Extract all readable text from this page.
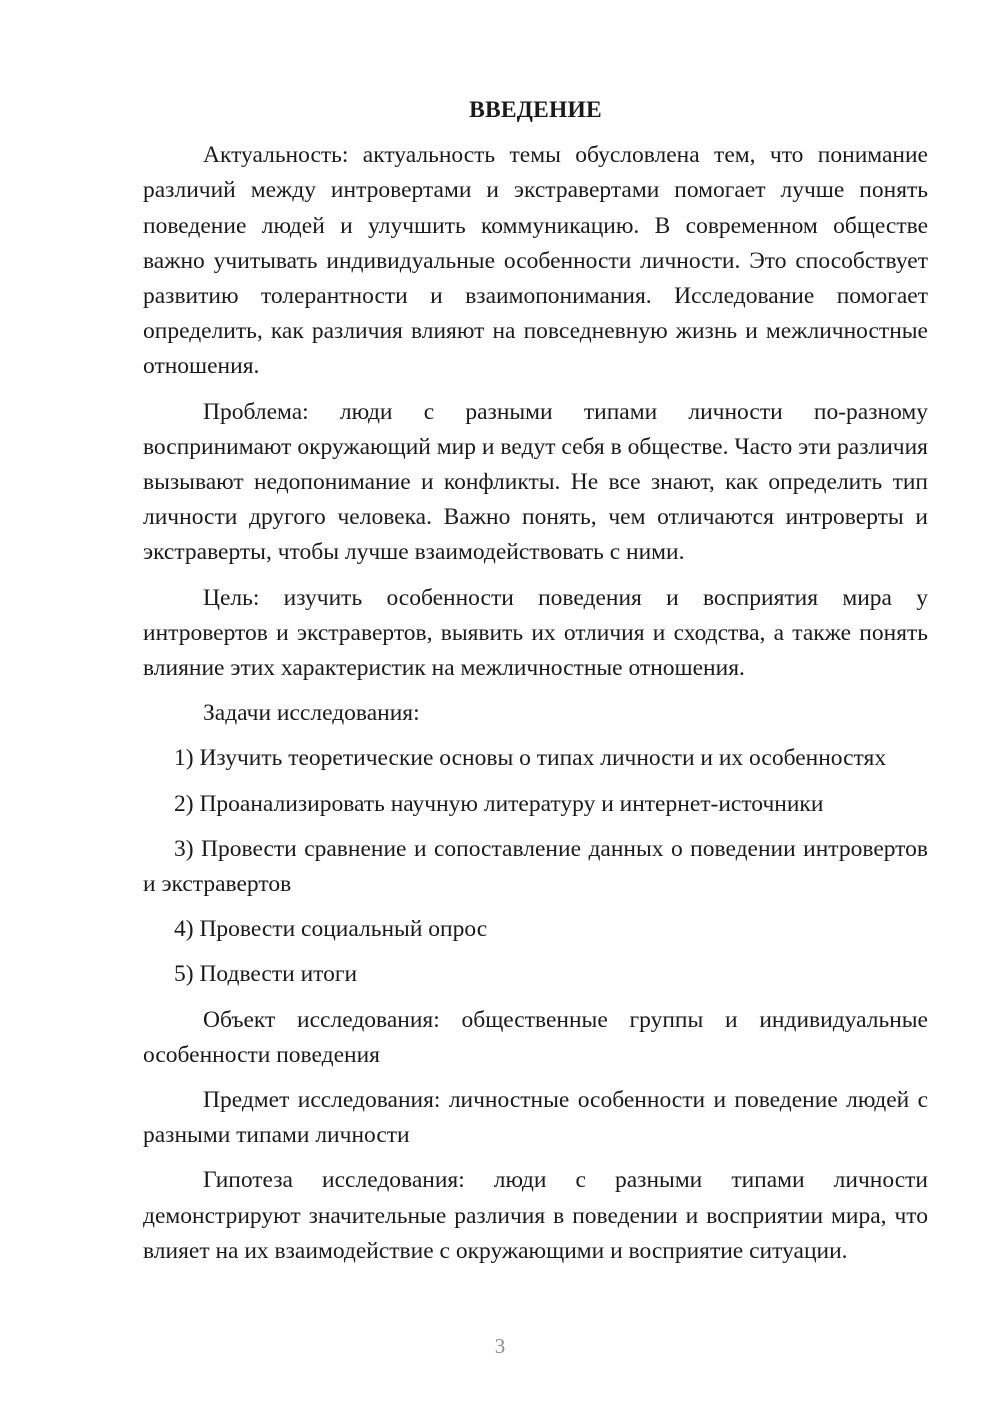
ВВЕДЕНИЕ

Актуальность: актуальность темы обусловлена тем, что понимание различий между интровертами и экстравертами помогает лучше понять поведение людей и улучшить коммуникацию. В современном обществе важно учитывать индивидуальные особенности личности. Это способствует развитию толерантности и взаимопонимания. Исследование помогает определить, как различия влияют на повседневную жизнь и межличностные отношения.

Проблема: люди с разными типами личности по-разному воспринимают окружающий мир и ведут себя в обществе. Часто эти различия вызывают недопонимание и конфликты. Не все знают, как определить тип личности другого человека. Важно понять, чем отличаются интроверты и экстраверты, чтобы лучше взаимодействовать с ними.

Цель: изучить особенности поведения и восприятия мира у интровертов и экстравертов, выявить их отличия и сходства, а также понять влияние этих характеристик на межличностные отношения.

Задачи исследования:

1) Изучить теоретические основы о типах личности и их особенностях

2) Проанализировать научную литературу и интернет-источники

3) Провести сравнение и сопоставление данных о поведении интровертов и экстравертов

4) Провести социальный опрос

5) Подвести итоги

Объект исследования: общественные группы и индивидуальные особенности поведения

Предмет исследования: личностные особенности и поведение людей с разными типами личности

Гипотеза исследования: люди с разными типами личности демонстрируют значительные различия в поведении и восприятии мира, что влияет на их взаимодействие с окружающими и восприятие ситуации.

3
